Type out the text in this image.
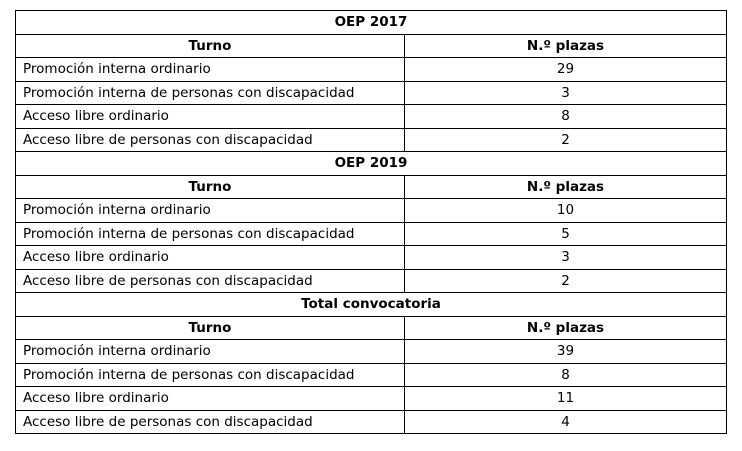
OEP 2017	
Turno	N.º plazas
Promoción interna ordinario	29
Promoción interna de personas con discapacidad	3
Acceso libre ordinario	8
Acceso libre de personas con discapacidad	2
OEP 2019	
Turno	N.º plazas
Promoción interna ordinario	10
Promoción interna de personas con discapacidad	5
Acceso libre ordinario	3
Acceso libre de personas con discapacidad	2
Total convocatoria	
Turno	N.º plazas
Promoción interna ordinario	39
Promoción interna de personas con discapacidad	8
Acceso libre ordinario	11
Acceso libre de personas con discapacidad	4
